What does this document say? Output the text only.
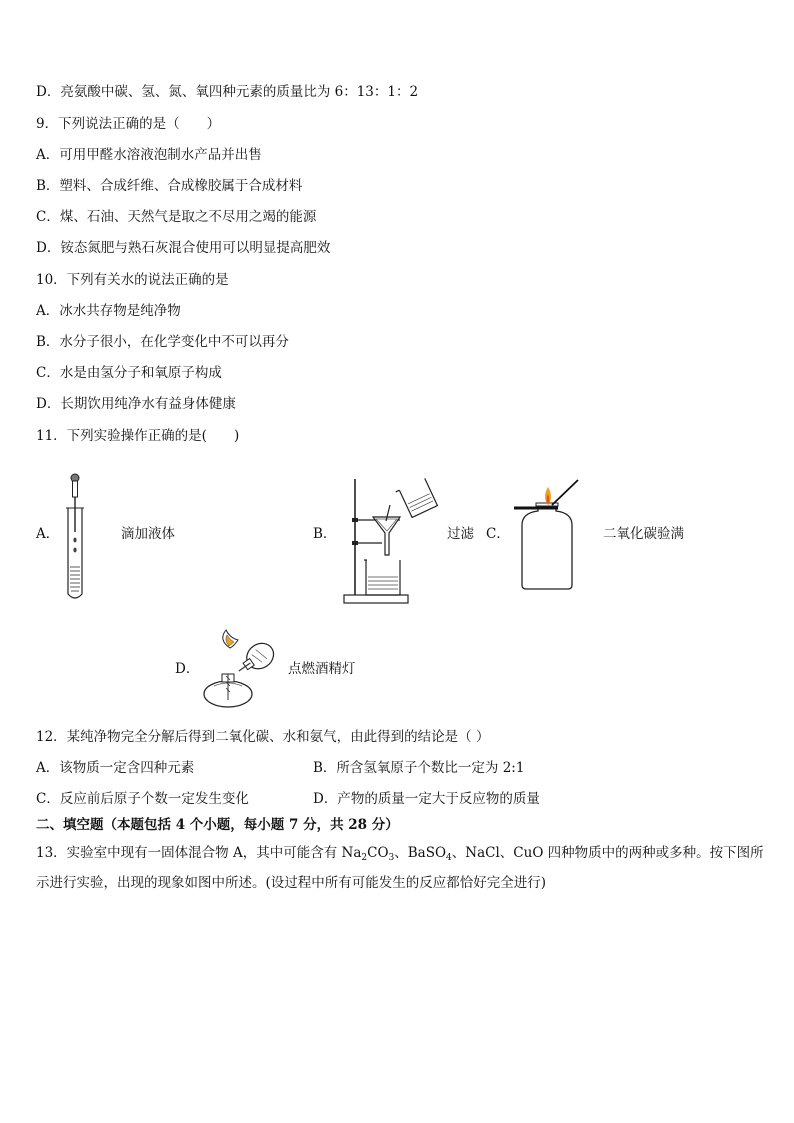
D．亮氨酸中碳、氢、氮、氧四种元素的质量比为 6：13：1：2
9．下列说法正确的是（　　）
A．可用甲醛水溶液泡制水产品并出售
B．塑料、合成纤维、合成橡胶属于合成材料
C．煤、石油、天然气是取之不尽用之竭的能源
D．铵态氮肥与熟石灰混合使用可以明显提高肥效
10．下列有关水的说法正确的是
A．冰水共存物是纯净物
B．水分子很小，在化学变化中不可以再分
C．水是由氢分子和氧原子构成
D．长期饮用纯净水有益身体健康
11．下列实验操作正确的是(　　)
A．	滴加液体	B．	过滤 C．	二氧化碳验满
D．	点燃酒精灯
12．某纯净物完全分解后得到二氧化碳、水和氨气，由此得到的结论是（ ）
A．该物质一定含四种元素	B．所含氢氧原子个数比一定为 2:1
C．反应前后原子个数一定发生变化	D．产物的质量一定大于反应物的质量
二、填空题（本题包括 4 个小题，每小题 7 分，共 28 分）
13．实验室中现有一固体混合物 A，其中可能含有 $Na_2CO_3$、BaSO$_4$、NaCl、CuO 四种物质中的两种或多种。按下图所
示进行实验，出现的现象如图中所述。(设过程中所有可能发生的反应都恰好完全进行)
